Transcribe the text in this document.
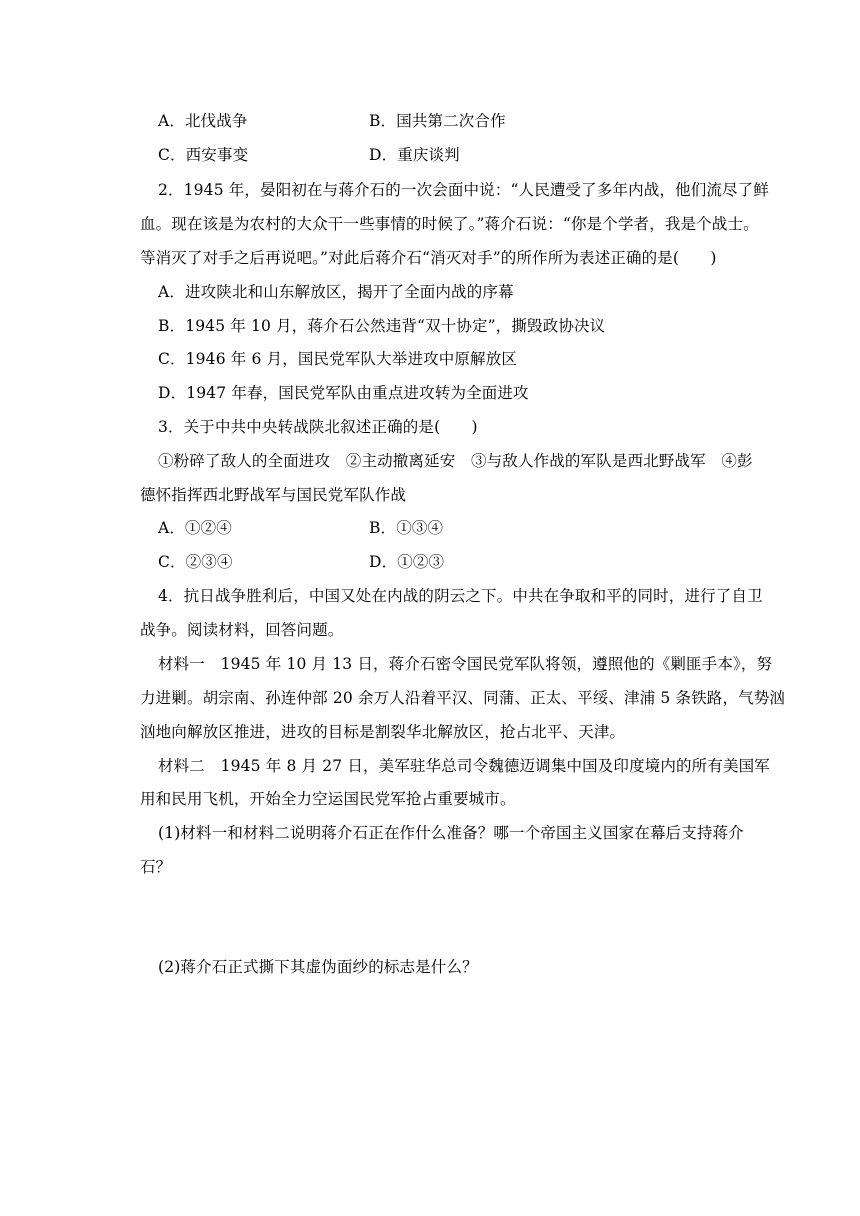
A．北伐战争	B．国共第二次合作
C．西安事变	D．重庆谈判
2．1945 年，晏阳初在与蒋介石的一次会面中说：“人民遭受了多年内战，他们流尽了鲜
血。现在该是为农村的大众干一些事情的时候了。”蒋介石说：“你是个学者，我是个战士。
等消灭了对手之后再说吧。”对此后蒋介石“消灭对手”的所作所为表述正确的是(　　)
A．进攻陕北和山东解放区，揭开了全面内战的序幕
B．1945 年 10 月，蒋介石公然违背“双十协定”，撕毁政协决议
C．1946 年 6 月，国民党军队大举进攻中原解放区
D．1947 年春，国民党军队由重点进攻转为全面进攻
3．关于中共中央转战陕北叙述正确的是(　　)
①粉碎了敌人的全面进攻　②主动撤离延安　③与敌人作战的军队是西北野战军　④彭
德怀指挥西北野战军与国民党军队作战
A．①②④	B．①③④
C．②③④	D．①②③
4．抗日战争胜利后，中国又处在内战的阴云之下。中共在争取和平的同时，进行了自卫
战争。阅读材料，回答问题。
材料一　1945 年 10 月 13 日，蒋介石密令国民党军队将领，遵照他的《剿匪手本》，努
力进剿。胡宗南、孙连仲部 20 余万人沿着平汉、同蒲、正太、平绥、津浦 5 条铁路，气势汹
汹地向解放区推进，进攻的目标是割裂华北解放区，抢占北平、天津。
材料二　1945 年 8 月 27 日，美军驻华总司令魏德迈调集中国及印度境内的所有美国军
用和民用飞机，开始全力空运国民党军抢占重要城市。
(1)材料一和材料二说明蒋介石正在作什么准备？哪一个帝国主义国家在幕后支持蒋介
石？
(2)蒋介石正式撕下其虚伪面纱的标志是什么？
